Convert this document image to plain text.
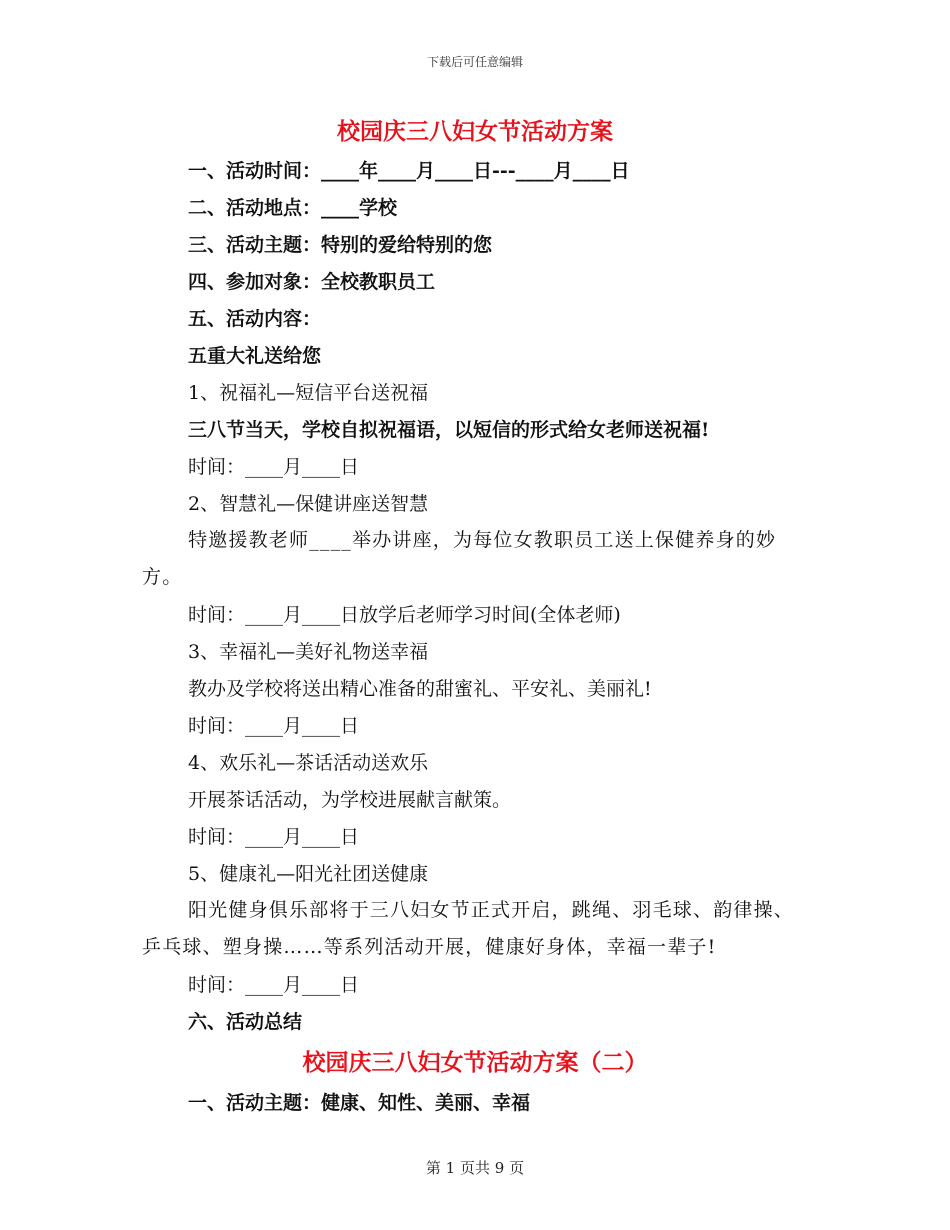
下载后可任意编辑
校园庆三八妇女节活动方案
一、活动时间：____年____月____日---____月____日
二、活动地点：____学校
三、活动主题：特别的爱给特别的您
四、参加对象：全校教职员工
五、活动内容：
五重大礼送给您
1、祝福礼—短信平台送祝福
三八节当天，学校自拟祝福语，以短信的形式给女老师送祝福!
时间：____月____日
2、智慧礼—保健讲座送智慧
特邀援教老师____举办讲座，为每位女教职员工送上保健养身的妙方。
时间：____月____日放学后老师学习时间(全体老师)
3、幸福礼—美好礼物送幸福
教办及学校将送出精心准备的甜蜜礼、平安礼、美丽礼!
时间：____月____日
4、欢乐礼—茶话活动送欢乐
开展茶话活动，为学校进展献言献策。
时间：____月____日
5、健康礼—阳光社团送健康
阳光健身俱乐部将于三八妇女节正式开启，跳绳、羽毛球、韵律操、乒乓球、塑身操……等系列活动开展，健康好身体，幸福一辈子!
时间：____月____日
六、活动总结
校园庆三八妇女节活动方案（二）
一、活动主题：健康、知性、美丽、幸福
第 1 页共 9 页
